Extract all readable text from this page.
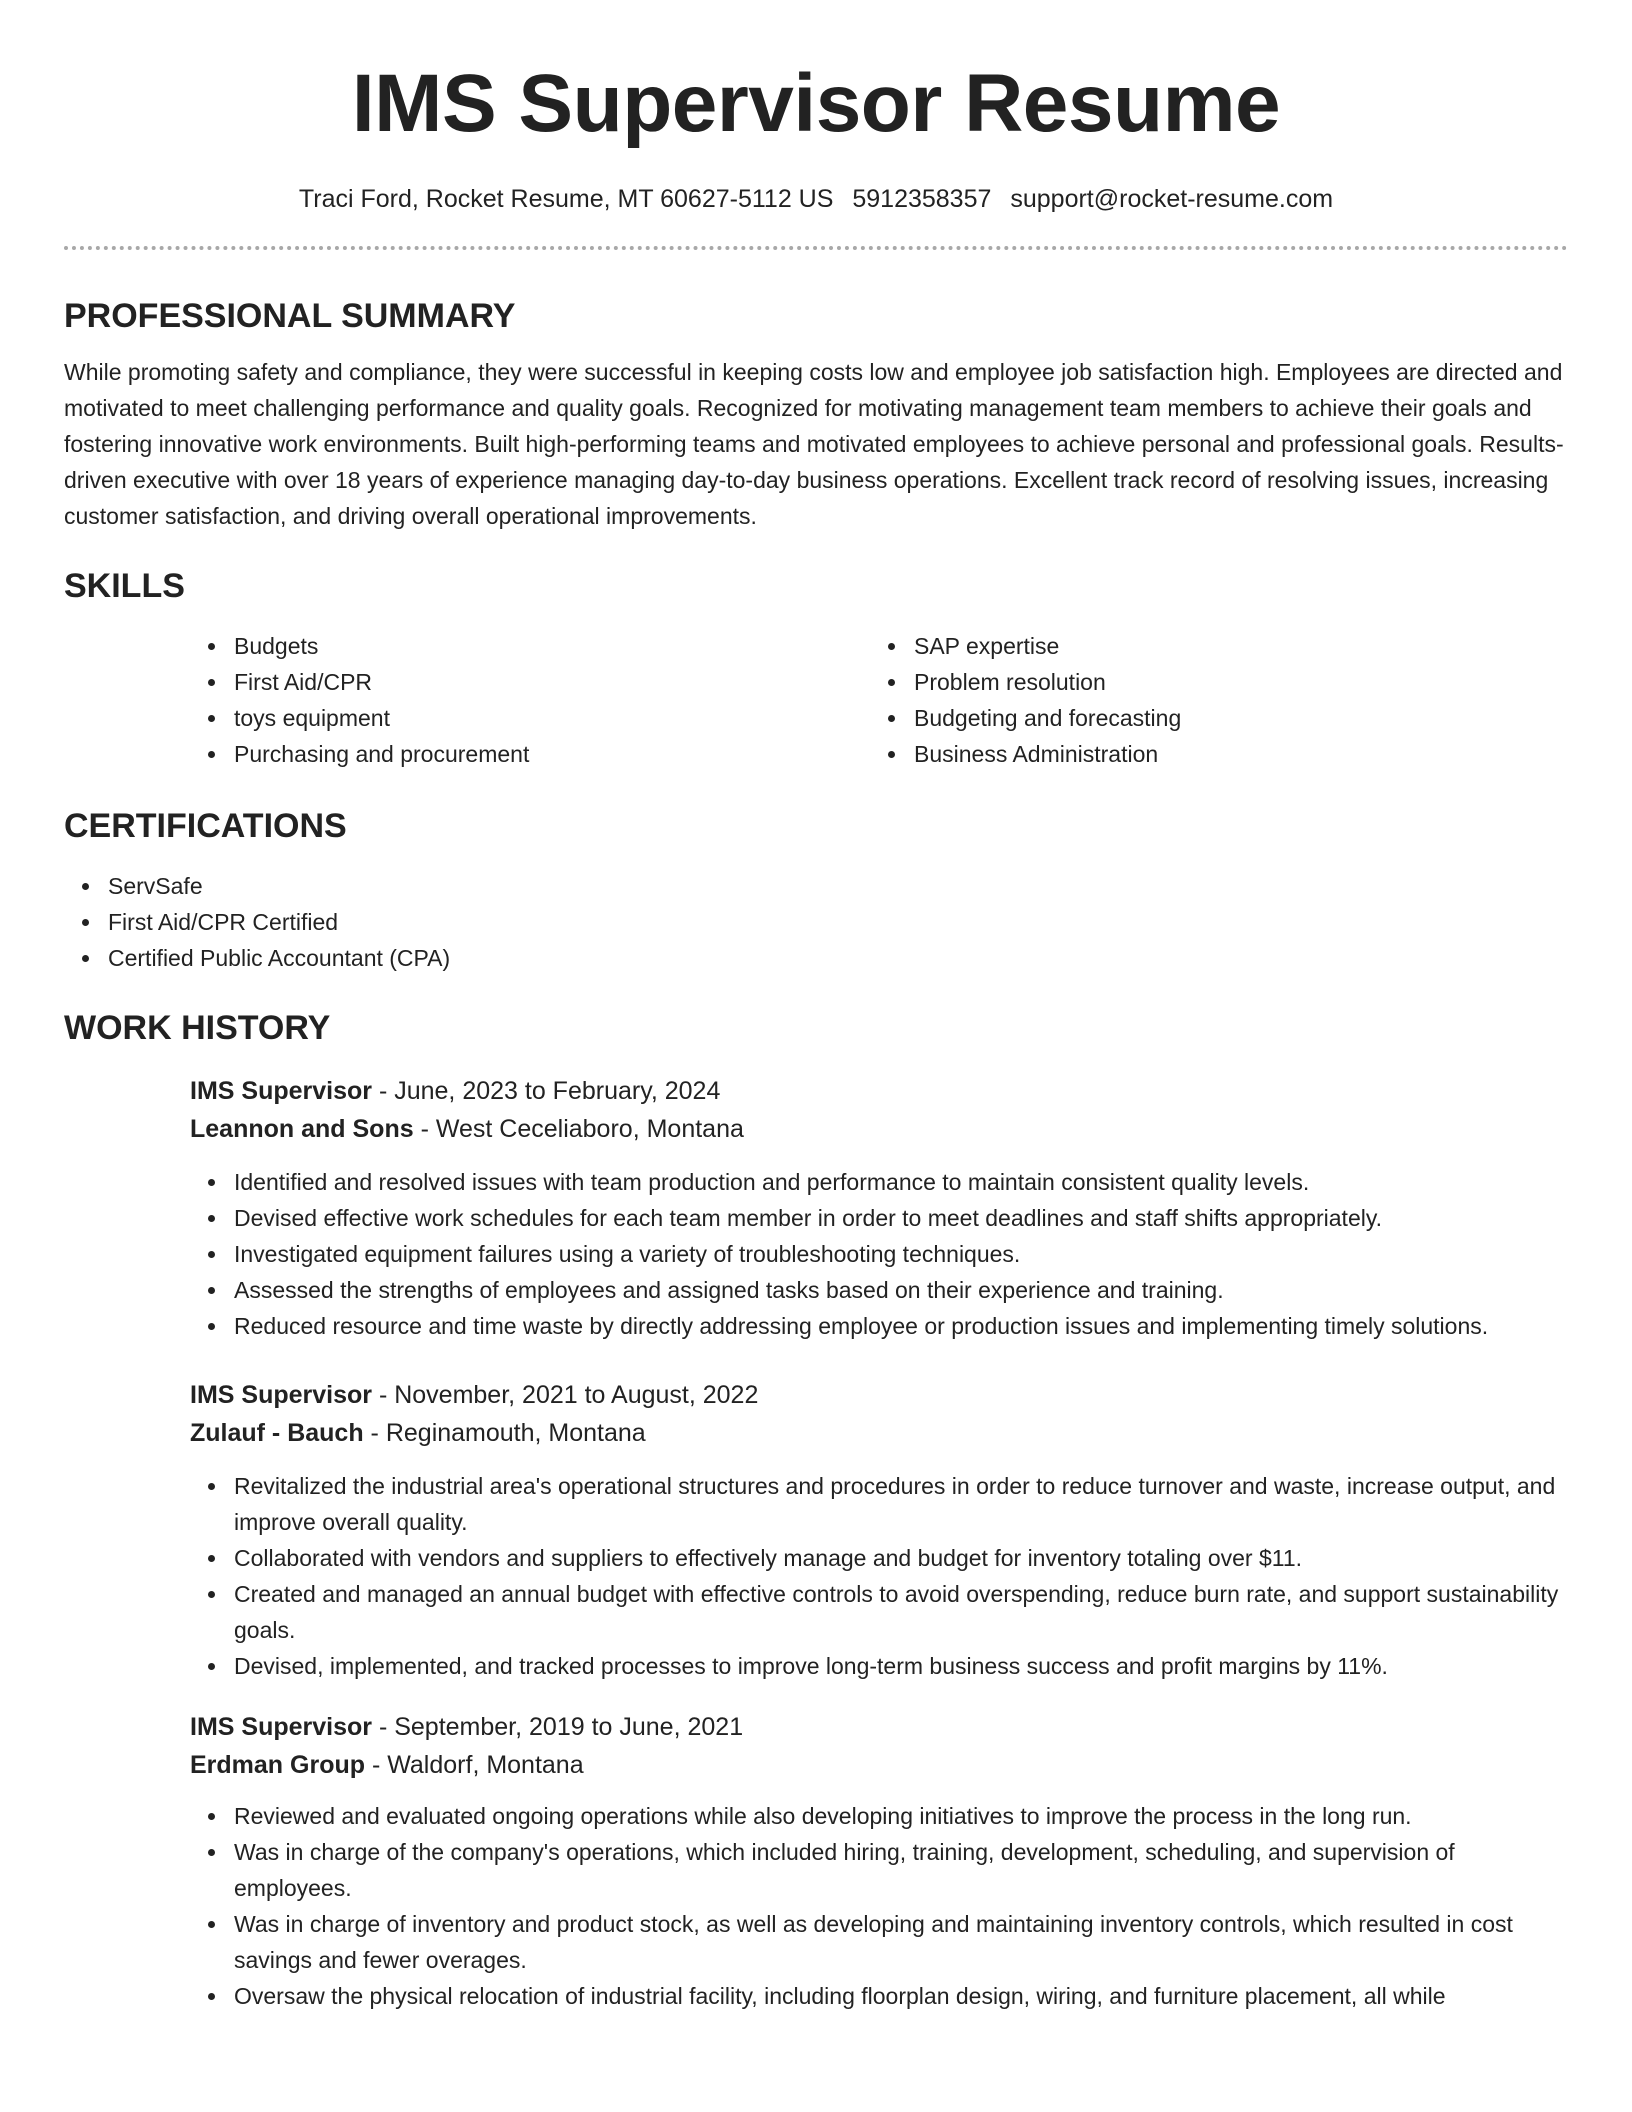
IMS Supervisor Resume
Traci Ford, Rocket Resume, MT 60627-5112 US 5912358357 support@rocket-resume.com
PROFESSIONAL SUMMARY

While promoting safety and compliance, they were successful in keeping costs low and employee job satisfaction high. Employees are directed and motivated to meet challenging performance and quality goals. Recognized for motivating management team members to achieve their goals and fostering innovative work environments. Built high-performing teams and motivated employees to achieve personal and professional goals. Results-driven executive with over 18 years of experience managing day-to-day business operations. Excellent track record of resolving issues, increasing customer satisfaction, and driving overall operational improvements.

SKILLS
Budgets
First Aid/CPR
toys equipment
Purchasing and procurement
SAP expertise
Problem resolution
Budgeting and forecasting
Business Administration
CERTIFICATIONS
ServSafe
First Aid/CPR Certified
Certified Public Accountant (CPA)
WORK HISTORY
IMS Supervisor - June, 2023 to February, 2024
Leannon and Sons - West Ceceliaboro, Montana
Identified and resolved issues with team production and performance to maintain consistent quality levels.
Devised effective work schedules for each team member in order to meet deadlines and staff shifts appropriately.
Investigated equipment failures using a variety of troubleshooting techniques.
Assessed the strengths of employees and assigned tasks based on their experience and training.
Reduced resource and time waste by directly addressing employee or production issues and implementing timely solutions.
IMS Supervisor - November, 2021 to August, 2022
Zulauf - Bauch - Reginamouth, Montana
Revitalized the industrial area's operational structures and procedures in order to reduce turnover and waste, increase output, and improve overall quality.
Collaborated with vendors and suppliers to effectively manage and budget for inventory totaling over $11.
Created and managed an annual budget with effective controls to avoid overspending, reduce burn rate, and support sustainability goals.
Devised, implemented, and tracked processes to improve long-term business success and profit margins by 11%.
IMS Supervisor - September, 2019 to June, 2021
Erdman Group - Waldorf, Montana
Reviewed and evaluated ongoing operations while also developing initiatives to improve the process in the long run.
Was in charge of the company's operations, which included hiring, training, development, scheduling, and supervision of employees.
Was in charge of inventory and product stock, as well as developing and maintaining inventory controls, which resulted in cost savings and fewer overages.
Oversaw the physical relocation of industrial facility, including floorplan design, wiring, and furniture placement, all while
